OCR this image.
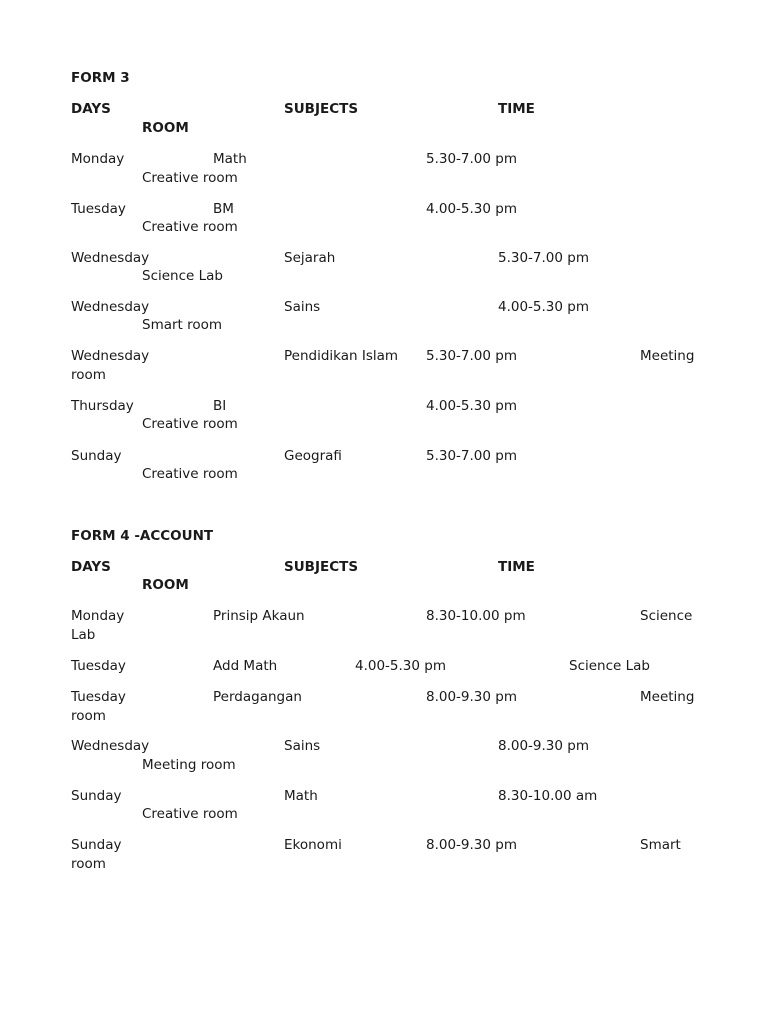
FORM 3
DAYS	SUBJECTS	TIME
ROOM
Monday	Math	5.30-7.00 pm
Creative room
Tuesday	BM	4.00-5.30 pm
Creative room
Wednesday	Sejarah	5.30-7.00 pm
Science Lab
Wednesday	Sains	4.00-5.30 pm
Smart room
Wednesday	Pendidikan Islam 5.30-7.00 pm	Meeting
room
Thursday	BI	4.00-5.30 pm
Creative room
Sunday	Geografi	5.30-7.00 pm
Creative room
FORM 4 -ACCOUNT
DAYS	SUBJECTS	TIME
ROOM
Monday	Prinsip Akaun	8.30-10.00 pm	Science
Lab
Tuesday	Add Math	4.00-5.30 pm	Science Lab
Tuesday	Perdagangan	8.00-9.30 pm	Meeting
room
Wednesday	Sains	8.00-9.30 pm
Meeting room
Sunday	Math	8.30-10.00 am
Creative room
Sunday	Ekonomi	8.00-9.30 pm	Smart
room
